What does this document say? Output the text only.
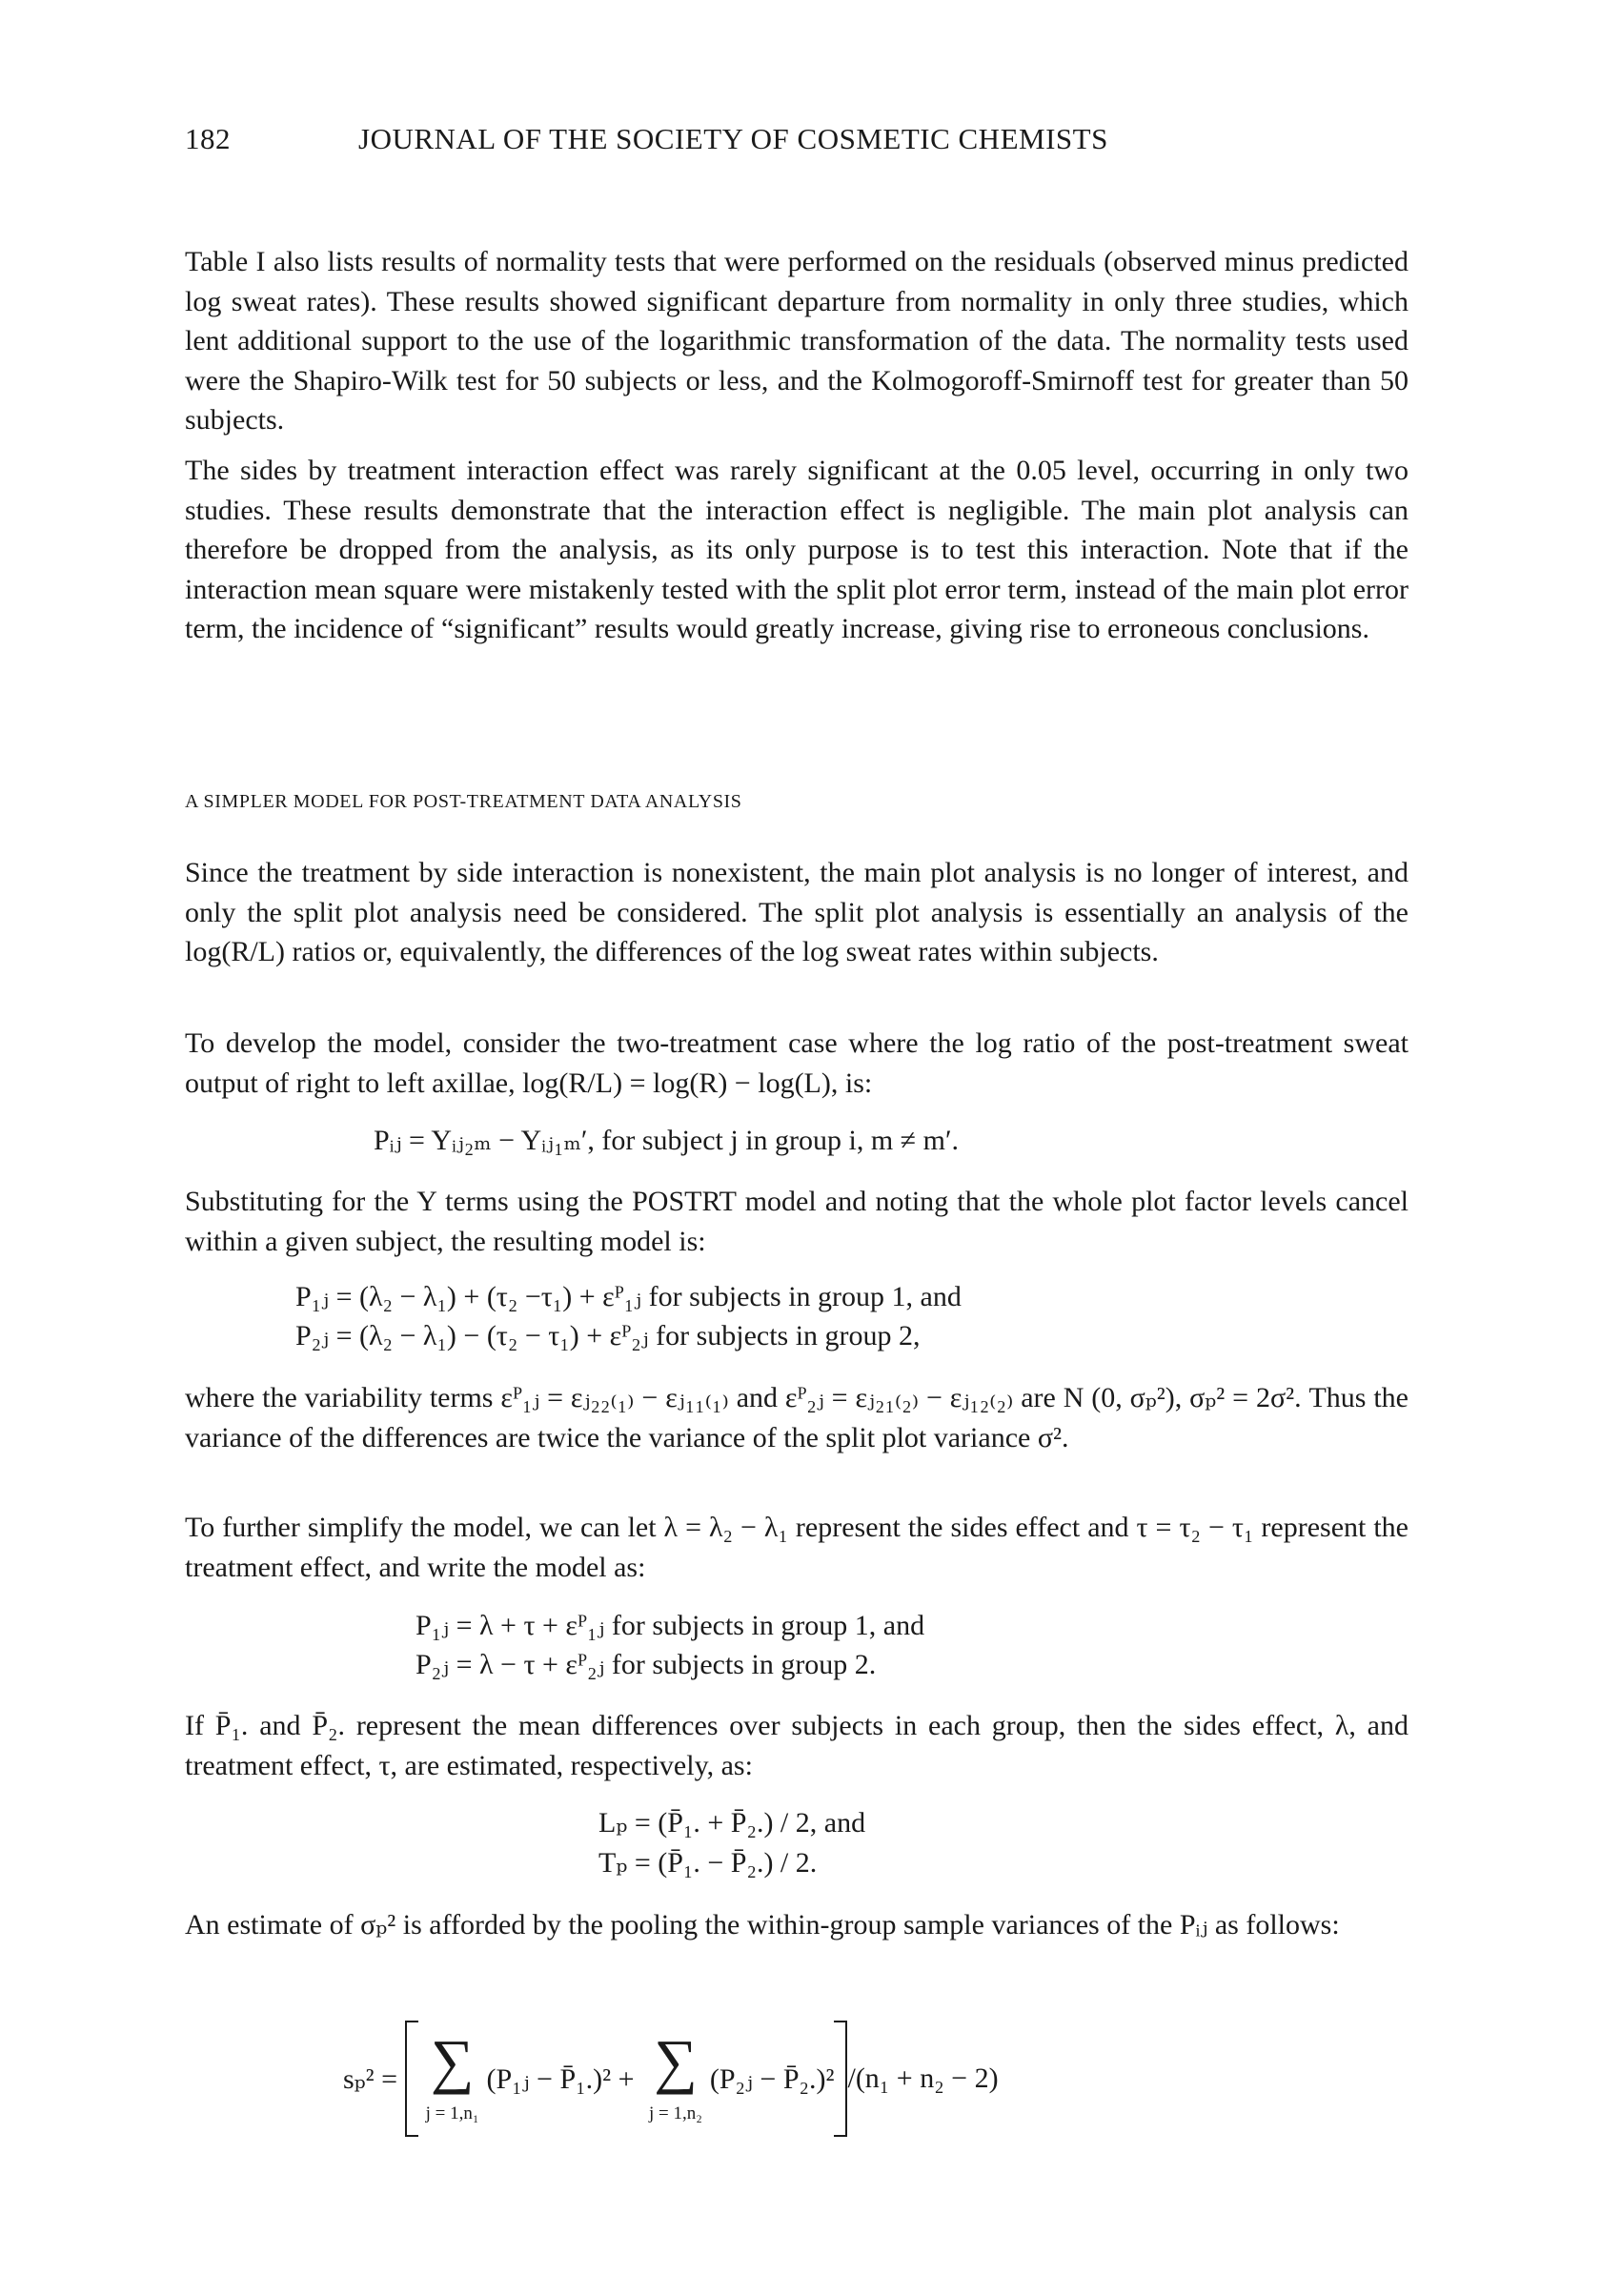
182	JOURNAL OF THE SOCIETY OF COSMETIC CHEMISTS
Table I also lists results of normality tests that were performed on the residuals (observed minus predicted log sweat rates). These results showed significant departure from normality in only three studies, which lent additional support to the use of the logarithmic transformation of the data. The normality tests used were the Shapiro-Wilk test for 50 subjects or less, and the Kolmogoroff-Smirnoff test for greater than 50 subjects.
The sides by treatment interaction effect was rarely significant at the 0.05 level, occurring in only two studies. These results demonstrate that the interaction effect is negligible. The main plot analysis can therefore be dropped from the analysis, as its only purpose is to test this interaction. Note that if the interaction mean square were mistakenly tested with the split plot error term, instead of the main plot error term, the incidence of “significant” results would greatly increase, giving rise to erroneous conclusions.
A SIMPLER MODEL FOR POST-TREATMENT DATA ANALYSIS
Since the treatment by side interaction is nonexistent, the main plot analysis is no longer of interest, and only the split plot analysis need be considered. The split plot analysis is essentially an analysis of the log(R/L) ratios or, equivalently, the differences of the log sweat rates within subjects.
To develop the model, consider the two-treatment case where the log ratio of the post-treatment sweat output of right to left axillae, log(R/L) = log(R) − log(L), is:
Pᵢⱼ = Yᵢⱼ₂ₘ − Yᵢⱼ₁ₘ′, for subject j in group i, m ≠ m′.
Substituting for the Y terms using the POSTRT model and noting that the whole plot factor levels cancel within a given subject, the resulting model is:
P₁ⱼ = (λ₂ − λ₁) + (τ₂ −τ₁) + εᴾ₁ⱼ for subjects in group 1, and
P₂ⱼ = (λ₂ − λ₁) − (τ₂ − τ₁) + εᴾ₂ⱼ for subjects in group 2,
where the variability terms εᴾ₁ⱼ = εⱼ₂₂₍₁₎ − εⱼ₁₁₍₁₎ and εᴾ₂ⱼ = εⱼ₂₁₍₂₎ − εⱼ₁₂₍₂₎ are N (0, σₚ²), σₚ² = 2σ². Thus the variance of the differences are twice the variance of the split plot variance σ².
To further simplify the model, we can let λ = λ₂ − λ₁ represent the sides effect and τ = τ₂ − τ₁ represent the treatment effect, and write the model as:
P₁ⱼ = λ + τ + εᴾ₁ⱼ for subjects in group 1, and
P₂ⱼ = λ − τ + εᴾ₂ⱼ for subjects in group 2.
If P̄₁. and P̄₂. represent the mean differences over subjects in each group, then the sides effect, λ, and treatment effect, τ, are estimated, respectively, as:
Lₚ = (P̄₁. + P̄₂.) / 2, and
Tₚ = (P̄₁. − P̄₂.) / 2.
An estimate of σₚ² is afforded by the pooling the within-group sample variances of the Pᵢⱼ as follows:
sₚ² = ∑
j = 1,n₁
(P₁ⱼ − P̄₁.)² + ∑
j = 1,n₂
(P₂ⱼ − P̄₂.)² /(n₁ + n₂ − 2)
